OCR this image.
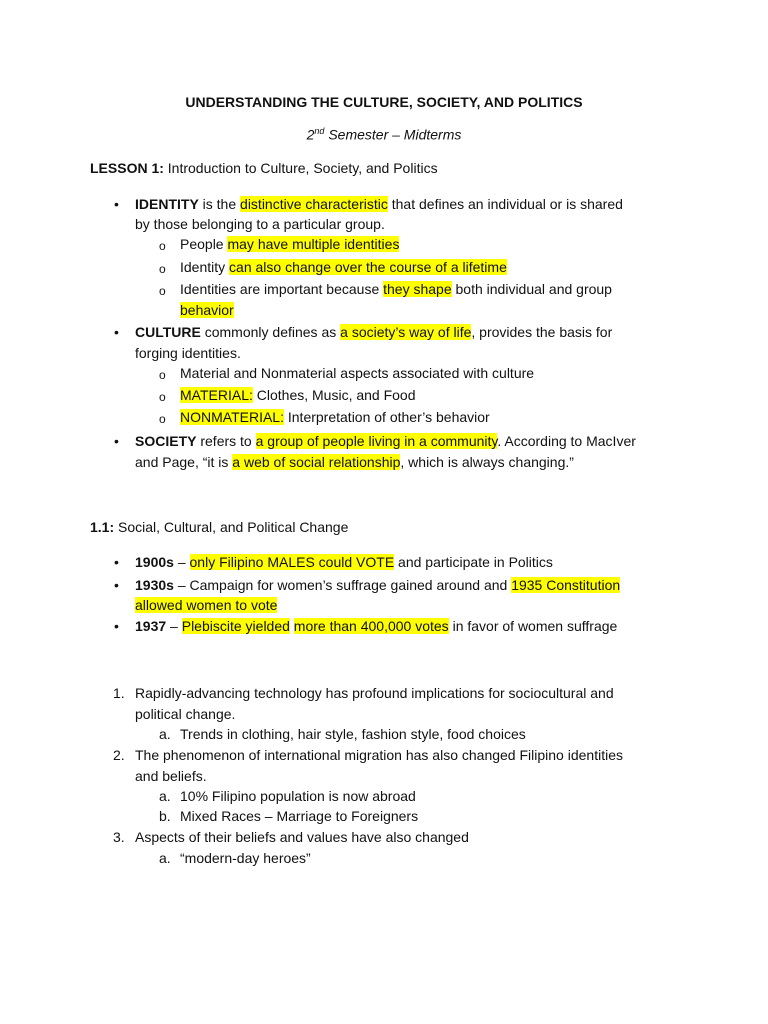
UNDERSTANDING THE CULTURE, SOCIETY, AND POLITICS
2nd Semester – Midterms
LESSON 1: Introduction to Culture, Society, and Politics
• IDENTITY is the distinctive characteristic that defines an individual or is shared
by those belonging to a particular group.
o People may have multiple identities
o Identity can also change over the course of a lifetime
o Identities are important because they shape both individual and group
behavior
• CULTURE commonly defines as a society’s way of life, provides the basis for
forging identities.
o Material and Nonmaterial aspects associated with culture
o MATERIAL: Clothes, Music, and Food
o NONMATERIAL: Interpretation of other’s behavior
• SOCIETY refers to a group of people living in a community. According to MacIver
and Page, “it is a web of social relationship, which is always changing.”
1.1: Social, Cultural, and Political Change
• 1900s – only Filipino MALES could VOTE and participate in Politics
• 1930s – Campaign for women’s suffrage gained around and 1935 Constitution
allowed women to vote
• 1937 – Plebiscite yielded more than 400,000 votes in favor of women suffrage
1. Rapidly-advancing technology has profound implications for sociocultural and
political change.
a. Trends in clothing, hair style, fashion style, food choices
2. The phenomenon of international migration has also changed Filipino identities
and beliefs.
a. 10% Filipino population is now abroad
b. Mixed Races – Marriage to Foreigners
3. Aspects of their beliefs and values have also changed
a. “modern-day heroes”
